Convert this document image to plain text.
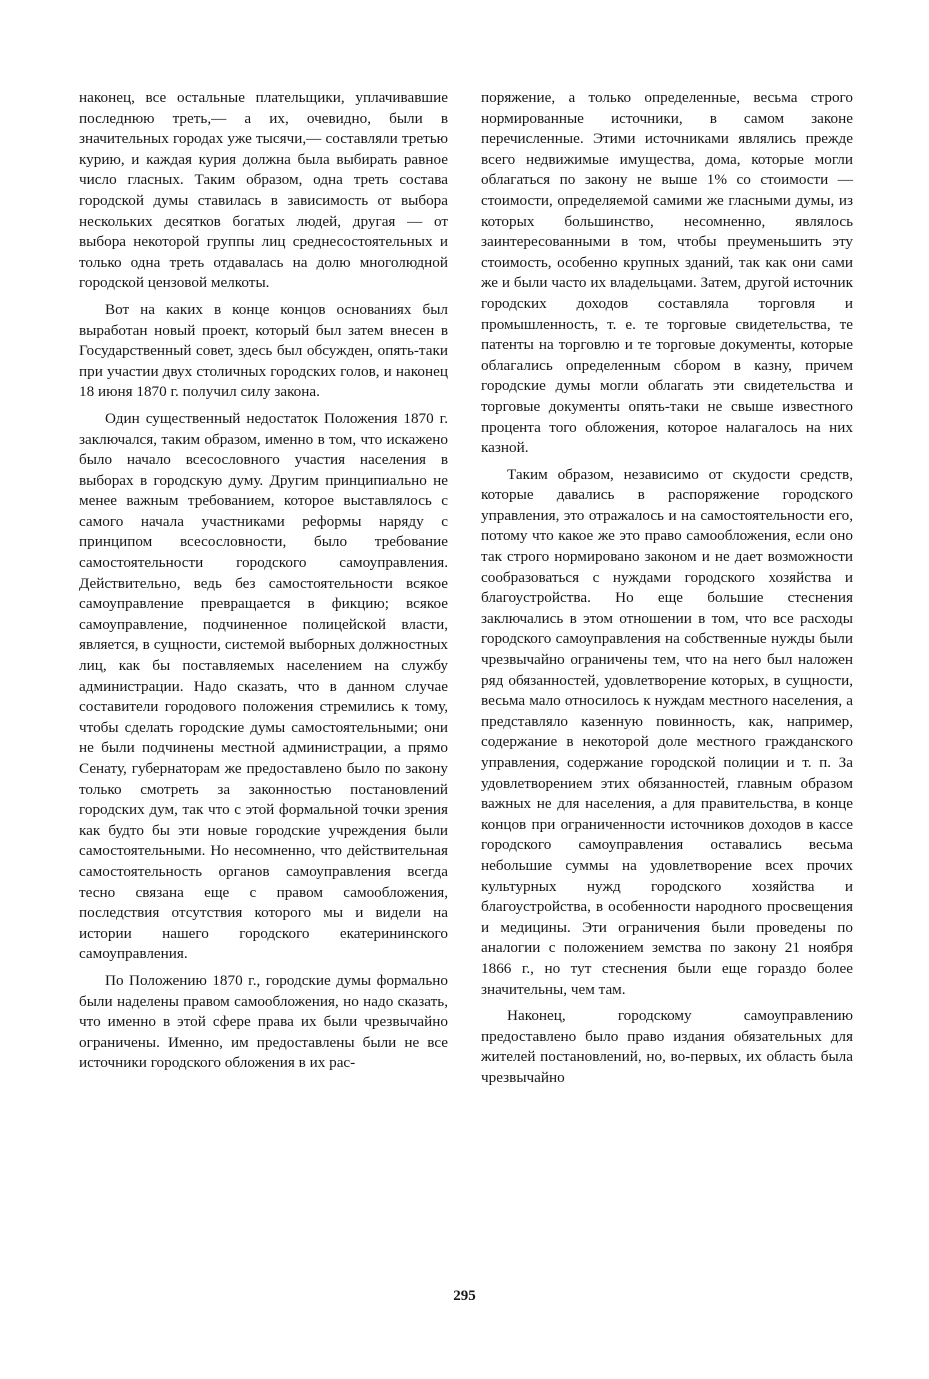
наконец, все остальные плательщики, уплачивавшие последнюю треть,— а их, очевидно, были в значительных городах уже тысячи,— составляли третью курию, и каждая курия должна была выбирать равное число гласных. Таким образом, одна треть состава городской думы ставилась в зависимость от выбора нескольких десятков богатых людей, другая — от выбора некоторой группы лиц среднесостоятельных и только одна треть отдавалась на долю многолюдной городской цензовой мелкоты.

Вот на каких в конце концов основаниях был выработан новый проект, который был затем внесен в Государственный совет, здесь был обсужден, опять-таки при участии двух столичных городских голов, и наконец 18 июня 1870 г. получил силу закона.

Один существенный недостаток Положения 1870 г. заключался, таким образом, именно в том, что искажено было начало всесословного участия населения в выборах в городскую думу. Другим принципиально не менее важным требованием, которое выставлялось с самого начала участниками реформы наряду с принципом всесословности, было требование самостоятельности городского самоуправления. Действительно, ведь без самостоятельности всякое самоуправление превращается в фикцию; всякое самоуправление, подчиненное полицейской власти, является, в сущности, системой выборных должностных лиц, как бы поставляемых населением на службу администрации. Надо сказать, что в данном случае составители городового положения стремились к тому, чтобы сделать городские думы самостоятельными; они не были подчинены местной администрации, а прямо Сенату, губернаторам же предоставлено было по закону только смотреть за законностью постановлений городских дум, так что с этой формальной точки зрения как будто бы эти новые городские учреждения были самостоятельными. Но несомненно, что действительная самостоятельность органов самоуправления всегда тесно связана еще с правом самообложения, последствия отсутствия которого мы и видели на истории нашего городского екатерининского самоуправления.

По Положению 1870 г., городские думы формально были наделены правом самообложения, но надо сказать, что именно в этой сфере права их были чрезвычайно ограничены. Именно, им предоставлены были не все источники городского обложения в их рас-

поряжение, а только определенные, весьма строго нормированные источники, в самом законе перечисленные. Этими источниками являлись прежде всего недвижимые имущества, дома, которые могли облагаться по закону не выше 1% со стоимости — стоимости, определяемой самими же гласными думы, из которых большинство, несомненно, являлось заинтересованными в том, чтобы преуменьшить эту стоимость, особенно крупных зданий, так как они сами же и были часто их владельцами. Затем, другой источник городских доходов составляла торговля и промышленность, т. е. те торговые свидетельства, те патенты на торговлю и те торговые документы, которые облагались определенным сбором в казну, причем городские думы могли облагать эти свидетельства и торговые документы опять-таки не свыше известного процента того обложения, которое налагалось на них казной.

Таким образом, независимо от скудости средств, которые давались в распоряжение городского управления, это отражалось и на самостоятельности его, потому что какое же это право самообложения, если оно так строго нормировано законом и не дает возможности сообразоваться с нуждами городского хозяйства и благоустройства. Но еще большие стеснения заключались в этом отношении в том, что все расходы городского самоуправления на собственные нужды были чрезвычайно ограничены тем, что на него был наложен ряд обязанностей, удовлетворение которых, в сущности, весьма мало относилось к нуждам местного населения, а представляло казенную повинность, как, например, содержание в некоторой доле местного гражданского управления, содержание городской полиции и т. п. За удовлетворением этих обязанностей, главным образом важных не для населения, а для правительства, в конце концов при ограниченности источников доходов в кассе городского самоуправления оставались весьма небольшие суммы на удовлетворение всех прочих культурных нужд городского хозяйства и благоустройства, в особенности народного просвещения и медицины. Эти ограничения были проведены по аналогии с положением земства по закону 21 ноября 1866 г., но тут стеснения были еще гораздо более значительны, чем там.

Наконец, городскому самоуправлению предоставлено было право издания обязательных для жителей постановлений, но, во-первых, их область была чрезвычайно

295
